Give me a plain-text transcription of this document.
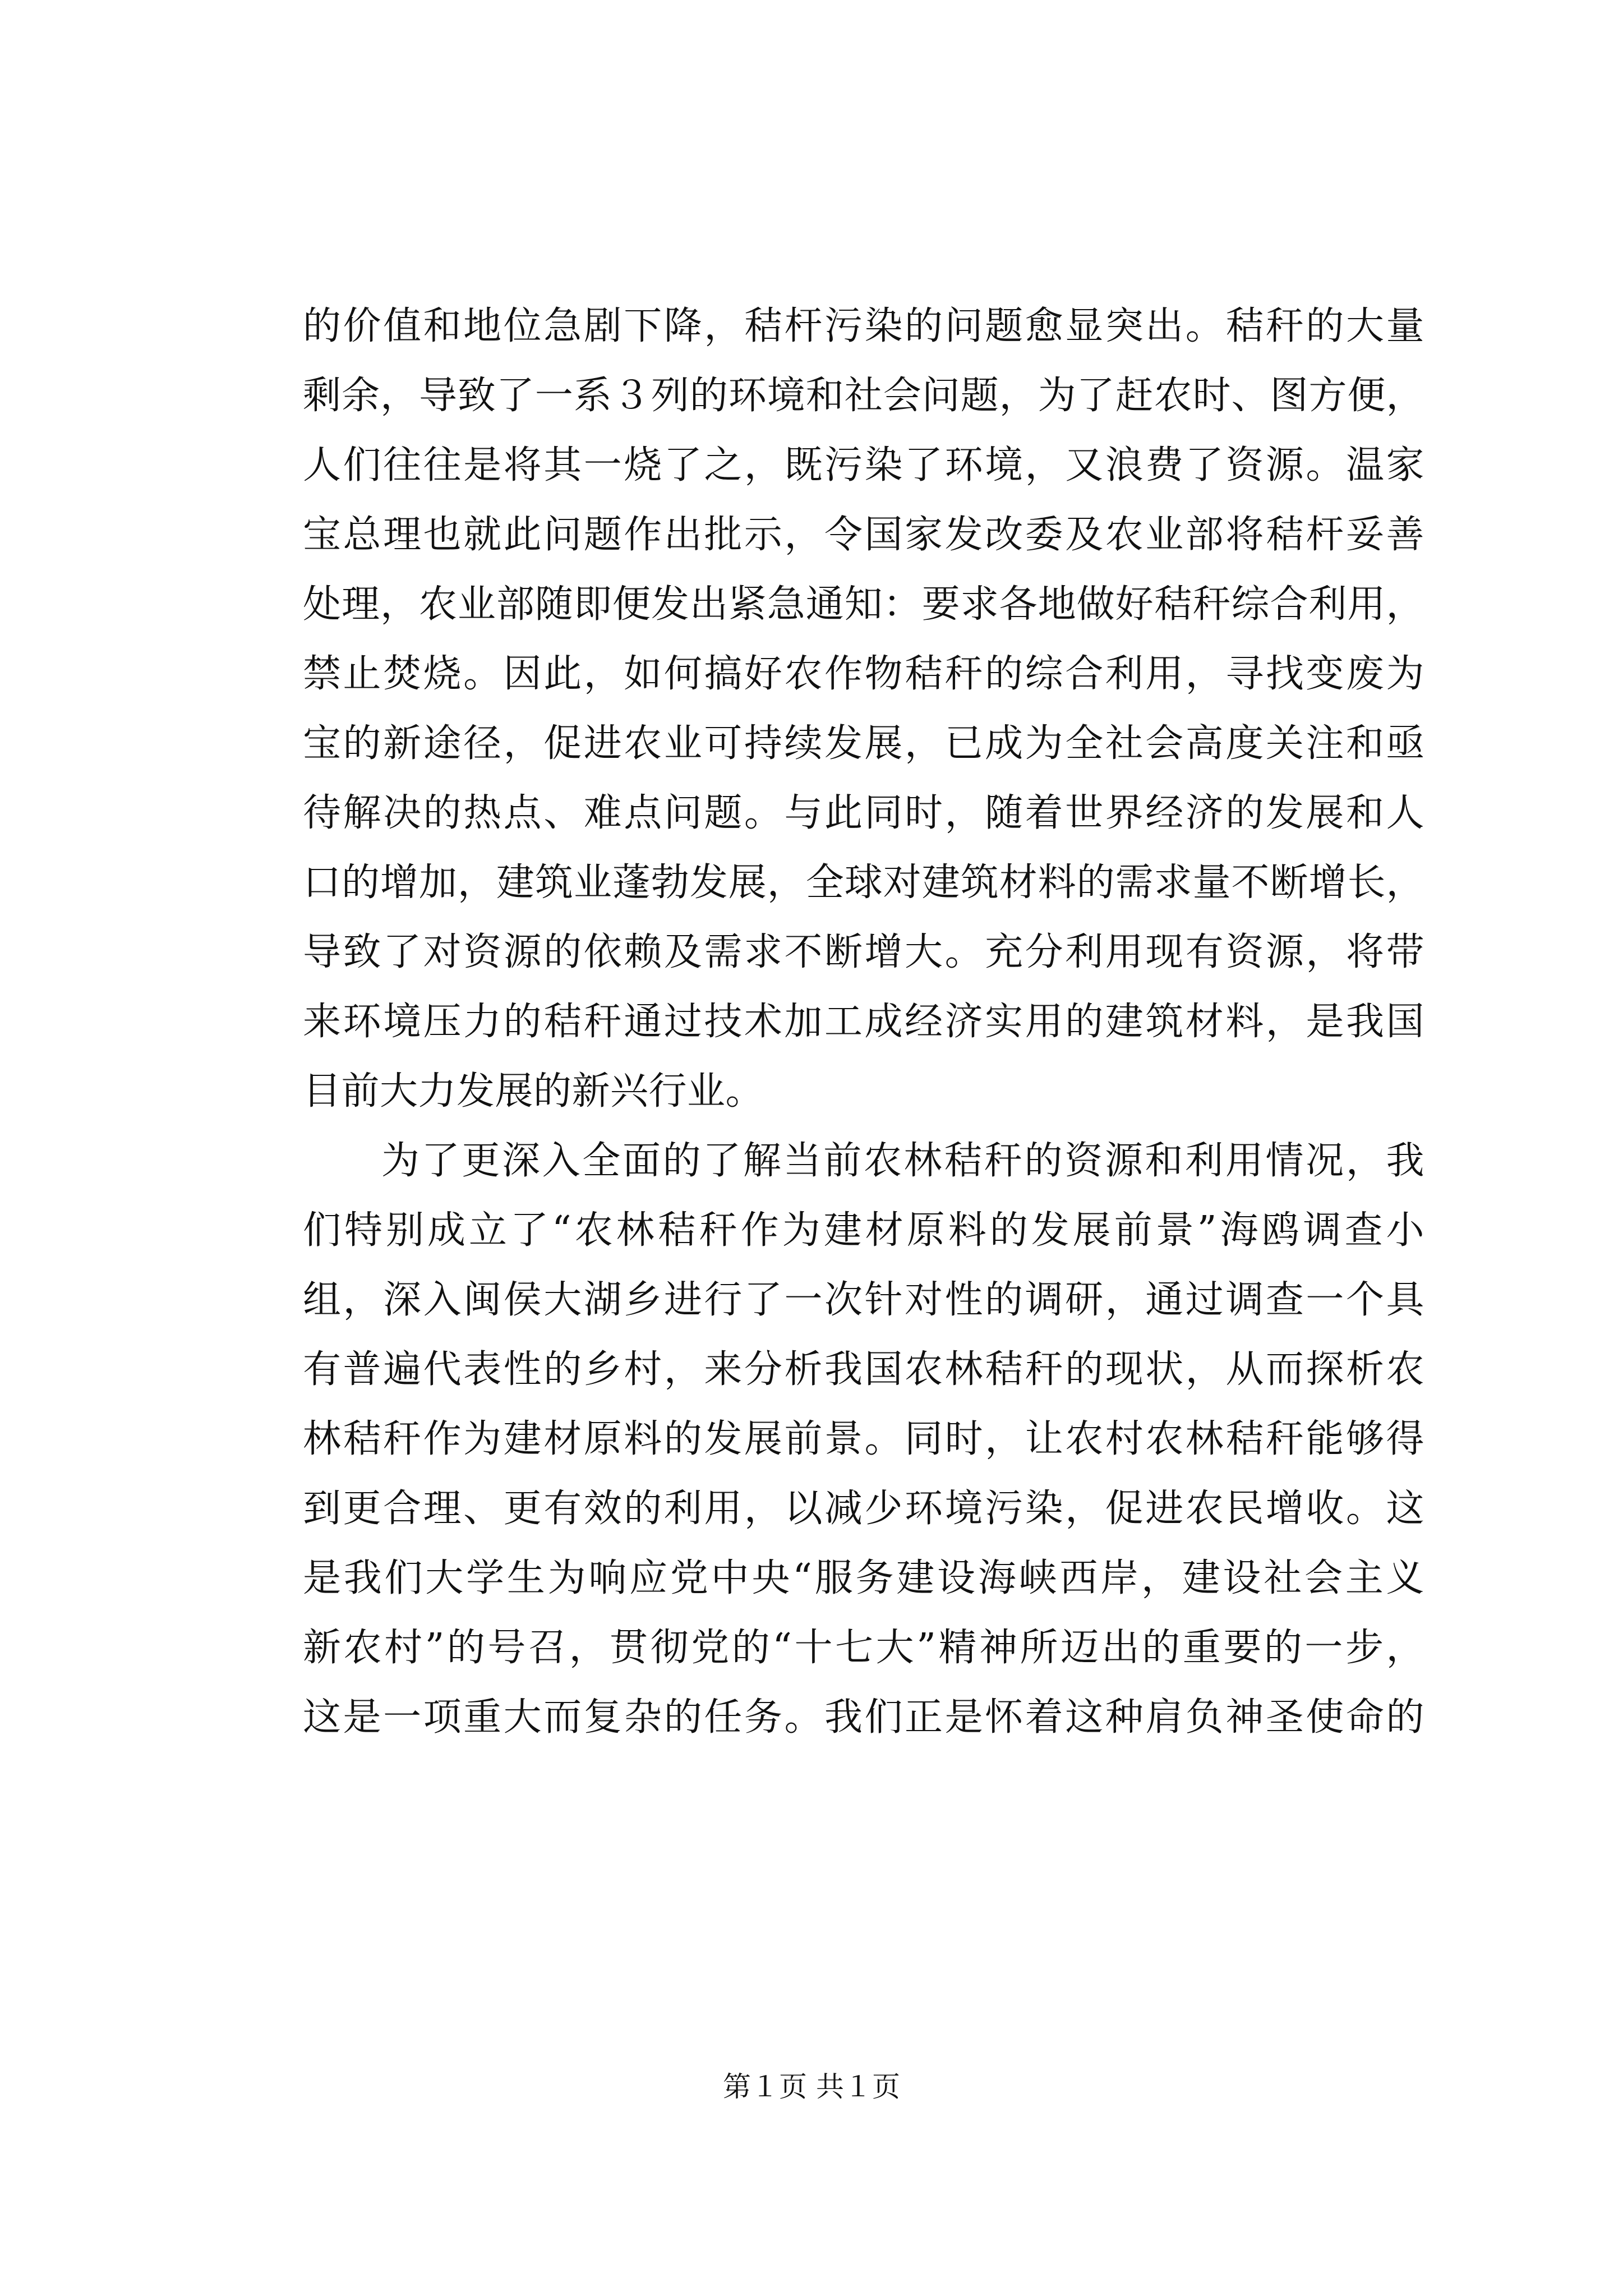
的价值和地位急剧下降，秸杆污染的问题愈显突出。秸秆的大量
剩余，导致了一系３列的环境和社会问题，为了赶农时、图方便，
人们往往是将其一烧了之，既污染了环境，又浪费了资源。温家
宝总理也就此问题作出批示，令国家发改委及农业部将秸杆妥善
处理，农业部随即便发出紧急通知：要求各地做好秸秆综合利用，
禁止焚烧。因此，如何搞好农作物秸秆的综合利用，寻找变废为
宝的新途径，促进农业可持续发展，已成为全社会高度关注和亟
待解决的热点、难点问题。与此同时，随着世界经济的发展和人
口的增加，建筑业蓬勃发展，全球对建筑材料的需求量不断增长，
导致了对资源的依赖及需求不断增大。充分利用现有资源，将带
来环境压力的秸秆通过技术加工成经济实用的建筑材料，是我国
目前大力发展的新兴行业。
为了更深入全面的了解当前农林秸秆的资源和利用情况，我
们特别成立了“农林秸秆作为建材原料的发展前景”海鸥调查小
组，深入闽侯大湖乡进行了一次针对性的调研，通过调查一个具
有普遍代表性的乡村，来分析我国农林秸秆的现状，从而探析农
林秸秆作为建材原料的发展前景。同时，让农村农林秸秆能够得
到更合理、更有效的利用，以减少环境污染，促进农民增收。这
是我们大学生为响应党中央“服务建设海峡西岸，建设社会主义
新农村”的号召，贯彻党的“十七大”精神所迈出的重要的一步，
这是一项重大而复杂的任务。我们正是怀着这种肩负神圣使命的
第１页 共１页
